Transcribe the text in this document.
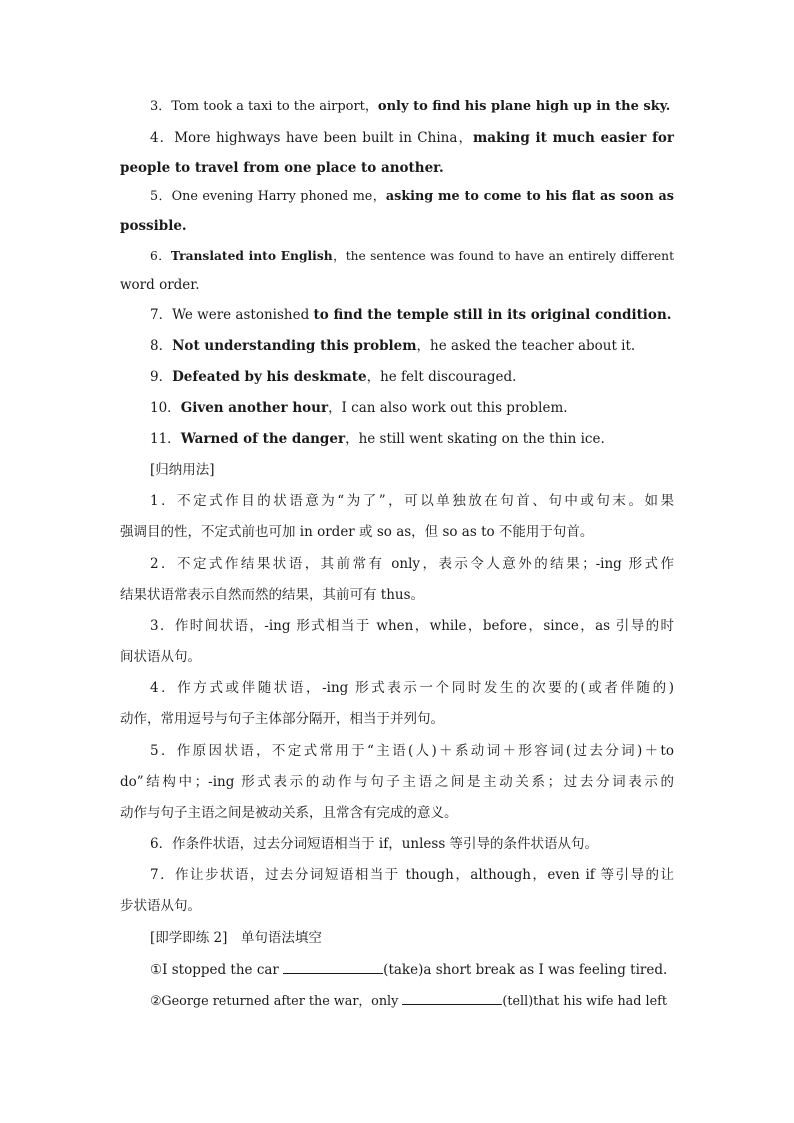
3．Tom took a taxi to the airport，only to find his plane high up in the sky.
4．More highways have been built in China，making it much easier for
people to travel from one place to another.
5．One evening Harry phoned me，asking me to come to his flat as soon as
possible.
6．Translated into English，the sentence was found to have an entirely different
word order.
7．We were astonished to find the temple still in its original condition.
8．Not understanding this problem，he asked the teacher about it.
9．Defeated by his deskmate，he felt discouraged.
10．Given another hour，I can also work out this problem.
11．Warned of the danger，he still went skating on the thin ice.
[归纳用法]
1．不定式作目的状语意为“为了”，可以单独放在句首、句中或句末。如果
强调目的性，不定式前也可加 in order 或 so as，但 so as to 不能用于句首。
2．不定式作结果状语，其前常有 only，表示令人意外的结果；-ing 形式作
结果状语常表示自然而然的结果，其前可有 thus。
3．作时间状语，-ing 形式相当于 when，while，before，since，as 引导的时
间状语从句。
4．作方式或伴随状语，-ing 形式表示一个同时发生的次要的(或者伴随的)
动作，常用逗号与句子主体部分隔开，相当于并列句。
5．作原因状语，不定式常用于“主语(人)＋系动词＋形容词(过去分词)＋to
do”结构中；-ing 形式表示的动作与句子主语之间是主动关系；过去分词表示的
动作与句子主语之间是被动关系，且常含有完成的意义。
6．作条件状语，过去分词短语相当于 if，unless 等引导的条件状语从句。
7．作让步状语，过去分词短语相当于 though，although，even if 等引导的让
步状语从句。
[即学即练 2]　单句语法填空
①I stopped the car	(take)a short break as I was feeling tired.
②George returned after the war，only	(tell)that his wife had left
